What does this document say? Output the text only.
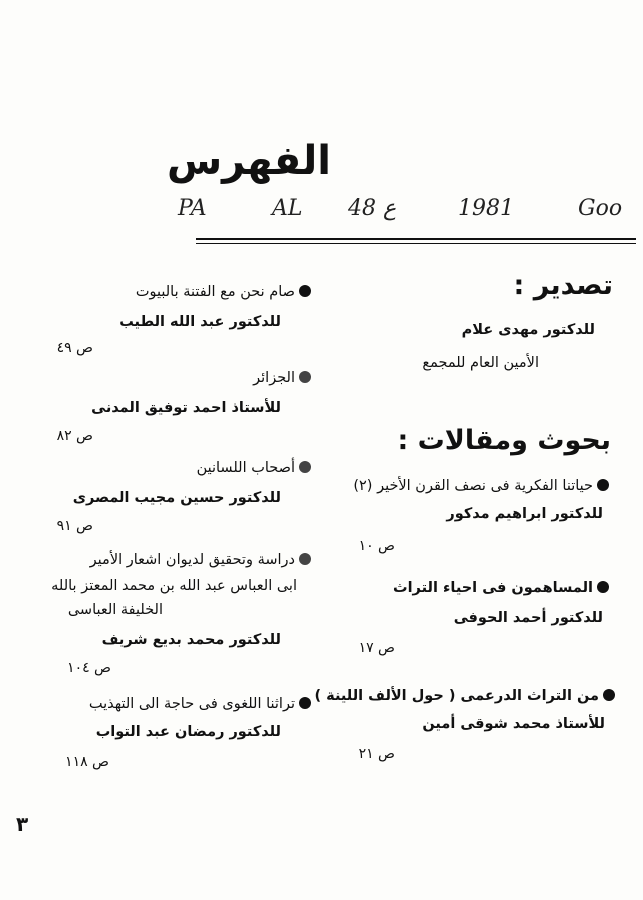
الفهرس
PA	AL ع 48	1981	Goo
تصدير :
للدكتور مهدى علام
الأمين العام للمجمع
بحوث ومقالات :
حياتنا الفكرية فى نصف القرن الأخير (٢)
للدكتور ابراهيم مدكور
ص ١٠
المساهمون فى احياء التراث
للدكتور أحمد الحوفى
ص ١٧
من التراث الدرعمى ( حول الألف اللينة )
للأستاذ محمد شوقى أمين
ص ٢١
صام نحن مع الفتنة بالبيوت
للدكتور عبد الله الطيب
ص ٤٩
الجزائر
للأستاذ احمد توفيق المدنى
ص ٨٢
أصحاب اللسانين
للدكتور حسين مجيب المصرى
ص ٩١
دراسة وتحقيق لديوان اشعار الأمير
ابى العباس عبد الله بن محمد المعتز بالله
الخليفة العباسى
للدكتور محمد بديع شريف
ص ١٠٤
تراثنا اللغوى فى حاجة الى التهذيب
للدكتور رمضان عبد التواب
ص ١١٨
٣
